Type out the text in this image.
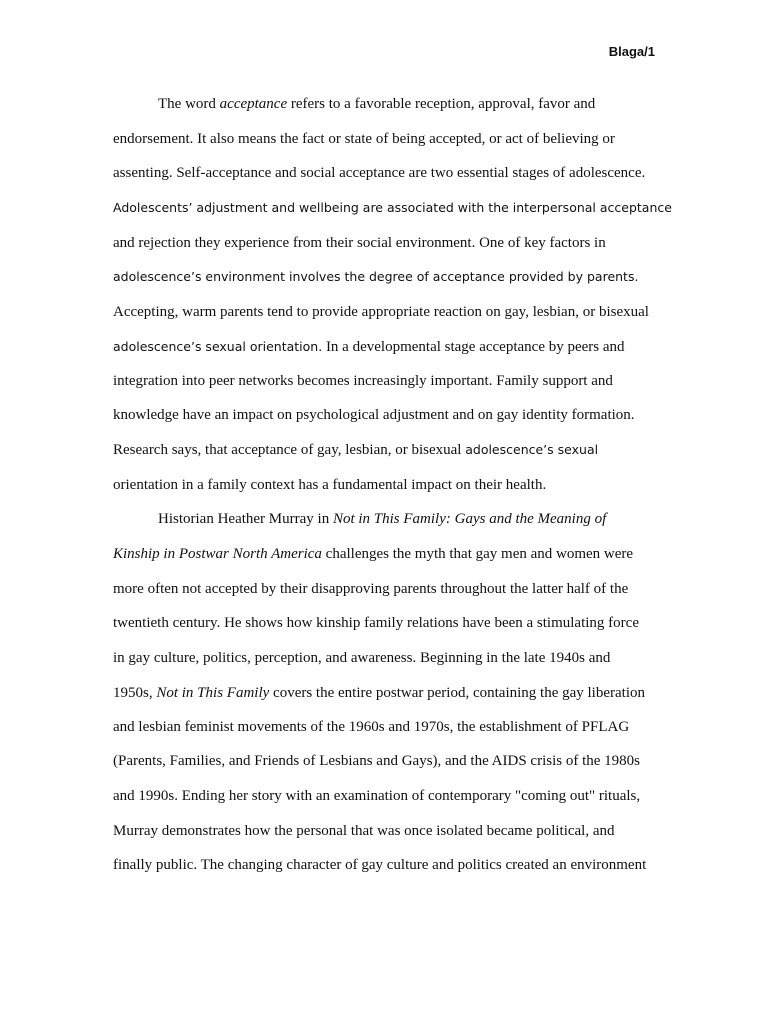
Blaga/1
The word acceptance refers to a favorable reception, approval, favor and
endorsement. It also means the fact or state of being accepted, or act of believing or
assenting. Self-acceptance and social acceptance are two essential stages of adolescence.
Adolescents’ adjustment and wellbeing are associated with the interpersonal acceptance
and rejection they experience from their social environment. One of key factors in
adolescence’s environment involves the degree of acceptance provided by parents.
Accepting, warm parents tend to provide appropriate reaction on gay, lesbian, or bisexual
adolescence’s sexual orientation. In a developmental stage acceptance by peers and
integration into peer networks becomes increasingly important. Family support and
knowledge have an impact on psychological adjustment and on gay identity formation.
Research says, that acceptance of gay, lesbian, or bisexual adolescence’s sexual
orientation in a family context has a fundamental impact on their health.
Historian Heather Murray in Not in This Family: Gays and the Meaning of
Kinship in Postwar North America challenges the myth that gay men and women were
more often not accepted by their disapproving parents throughout the latter half of the
twentieth century. He shows how kinship family relations have been a stimulating force
in gay culture, politics, perception, and awareness. Beginning in the late 1940s and
1950s, Not in This Family covers the entire postwar period, containing the gay liberation
and lesbian feminist movements of the 1960s and 1970s, the establishment of PFLAG
(Parents, Families, and Friends of Lesbians and Gays), and the AIDS crisis of the 1980s
and 1990s. Ending her story with an examination of contemporary "coming out" rituals,
Murray demonstrates how the personal that was once isolated became political, and
finally public. The changing character of gay culture and politics created an environment
